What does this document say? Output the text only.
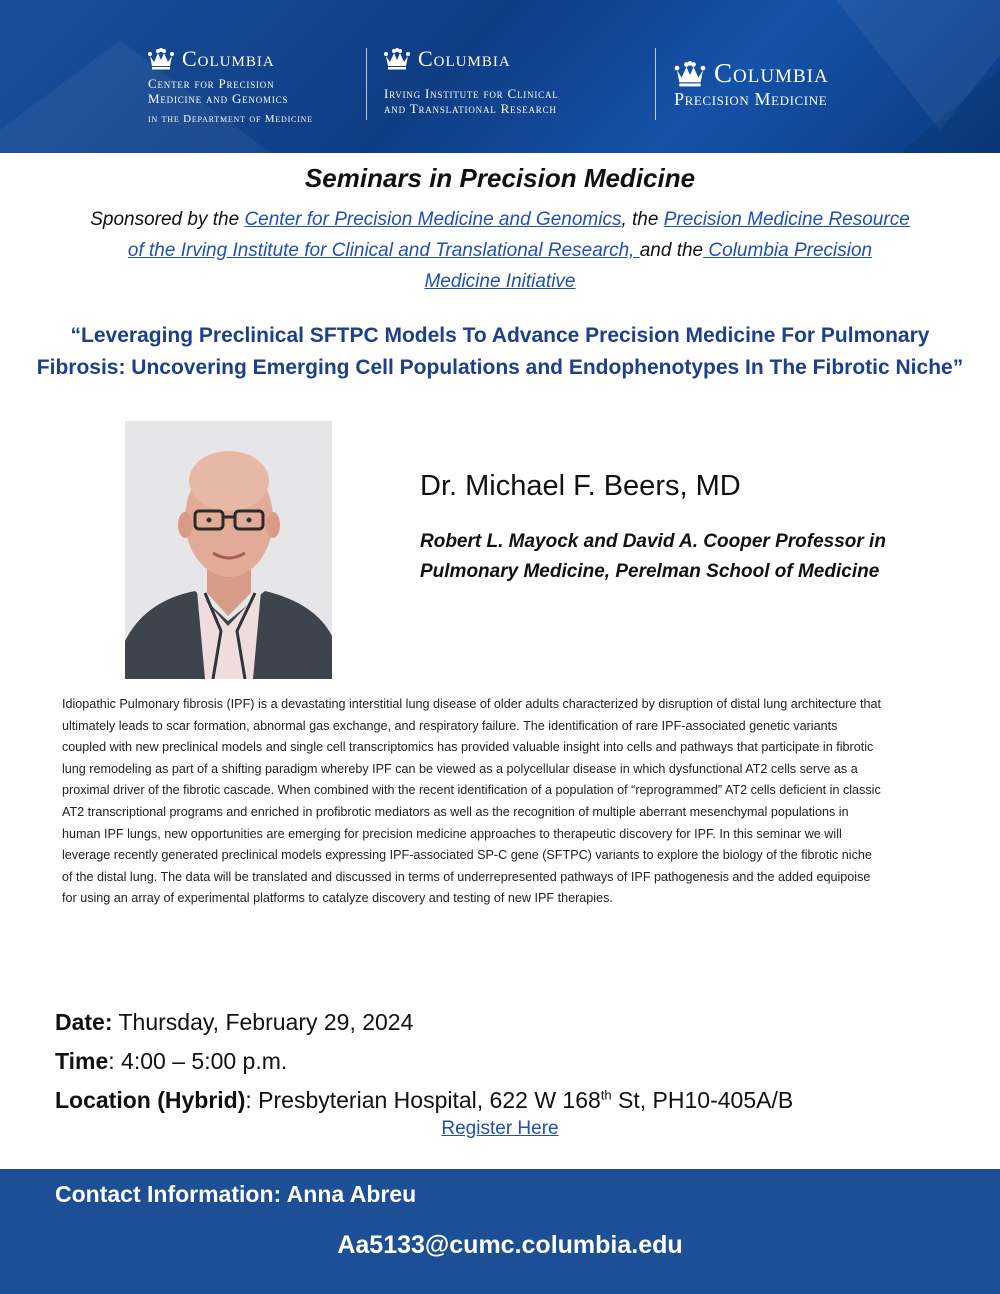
Columbia
Center for Precision
Medicine and Genomics
in the Department of Medicine
Columbia
Irving Institute for Clinical
and Translational Research
Columbia
Precision Medicine
Seminars in Precision Medicine
Sponsored by the Center for Precision Medicine and Genomics, the Precision Medicine Resource of the Irving Institute for Clinical and Translational Research, and the Columbia Precision Medicine Initiative
“Leveraging Preclinical SFTPC Models To Advance Precision Medicine For Pulmonary Fibrosis: Uncovering Emerging Cell Populations and Endophenotypes In The Fibrotic Niche”
Dr. Michael F. Beers, MD
Robert L. Mayock and David A. Cooper Professor in Pulmonary Medicine, Perelman School of Medicine
Idiopathic Pulmonary fibrosis (IPF) is a devastating interstitial lung disease of older adults characterized by disruption of distal lung architecture that ultimately leads to scar formation, abnormal gas exchange, and respiratory failure. The identification of rare IPF-associated genetic variants coupled with new preclinical models and single cell transcriptomics has provided valuable insight into cells and pathways that participate in fibrotic lung remodeling as part of a shifting paradigm whereby IPF can be viewed as a polycellular disease in which dysfunctional AT2 cells serve as a proximal driver of the fibrotic cascade. When combined with the recent identification of a population of “reprogrammed” AT2 cells deficient in classic AT2 transcriptional programs and enriched in profibrotic mediators as well as the recognition of multiple aberrant mesenchymal populations in human IPF lungs, new opportunities are emerging for precision medicine approaches to therapeutic discovery for IPF. In this seminar we will leverage recently generated preclinical models expressing IPF-associated SP-C gene (SFTPC) variants to explore the biology of the fibrotic niche of the distal lung. The data will be translated and discussed in terms of underrepresented pathways of IPF pathogenesis and the added equipoise for using an array of experimental platforms to catalyze discovery and testing of new IPF therapies.
Date: Thursday, February 29, 2024
Time: 4:00 – 5:00 p.m.
Location (Hybrid): Presbyterian Hospital, 622 W 168th St, PH10-405A/B
Register Here
Contact Information: Anna Abreu
Aa5133@cumc.columbia.edu
